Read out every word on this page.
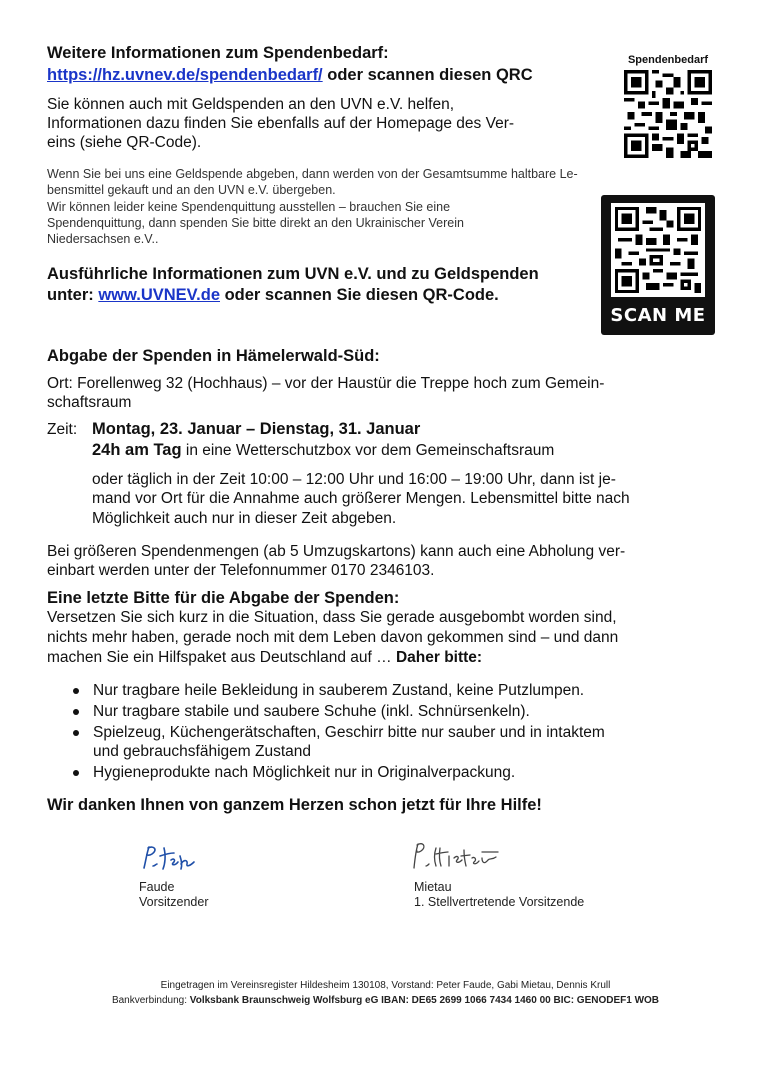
Weitere Informationen zum Spendenbedarf:
https://hz.uvnev.de/spendenbedarf/ oder scannen diesen QRC
Sie können auch mit Geldspenden an den UVN e.V. helfen,
Informationen dazu finden Sie ebenfalls auf der Homepage des Ver-
eins (siehe QR-Code).
Wenn Sie bei uns eine Geldspende abgeben, dann werden von der Gesamtsumme haltbare Le-
bensmittel gekauft und an den UVN e.V. übergeben.
Wir können leider keine Spendenquittung ausstellen – brauchen Sie eine
Spendenquittung, dann spenden Sie bitte direkt an den Ukrainischer Verein
Niedersachsen e.V..
Ausführliche Informationen zum UVN e.V. und zu Geldspenden
unter: www.UVNEV.de oder scannen Sie diesen QR-Code.
Spendenbedarf
SCAN ME
Abgabe der Spenden in Hämelerwald-Süd:
Ort: Forellenweg 32 (Hochhaus) – vor der Haustür die Treppe hoch zum Gemein-
schaftsraum
Zeit: Montag, 23. Januar – Dienstag, 31. Januar
24h am Tag in eine Wetterschutzbox vor dem Gemeinschaftsraum
oder täglich in der Zeit 10:00 – 12:00 Uhr und 16:00 – 19:00 Uhr, dann ist je-
mand vor Ort für die Annahme auch größerer Mengen. Lebensmittel bitte nach
Möglichkeit auch nur in dieser Zeit abgeben.
Bei größeren Spendenmengen (ab 5 Umzugskartons) kann auch eine Abholung ver-
einbart werden unter der Telefonnummer 0170 2346103.
Eine letzte Bitte für die Abgabe der Spenden:
Versetzen Sie sich kurz in die Situation, dass Sie gerade ausgebombt worden sind,
nichts mehr haben, gerade noch mit dem Leben davon gekommen sind – und dann
machen Sie ein Hilfspaket aus Deutschland auf … Daher bitte:
Nur tragbare heile Bekleidung in sauberem Zustand, keine Putzlumpen.
Nur tragbare stabile und saubere Schuhe (inkl. Schnürsenkeln).
Spielzeug, Küchengerätschaften, Geschirr bitte nur sauber und in intaktem
und gebrauchsfähigem Zustand
Hygieneprodukte nach Möglichkeit nur in Originalverpackung.
Wir danken Ihnen von ganzem Herzen schon jetzt für Ihre Hilfe!
Faude
Vorsitzender
Mietau
1. Stellvertretende Vorsitzende
Eingetragen im Vereinsregister Hildesheim 130108, Vorstand: Peter Faude, Gabi Mietau, Dennis Krull
Bankverbindung: Volksbank Braunschweig Wolfsburg eG IBAN: DE65 2699 1066 7434 1460 00 BIC: GENODEF1 WOB
